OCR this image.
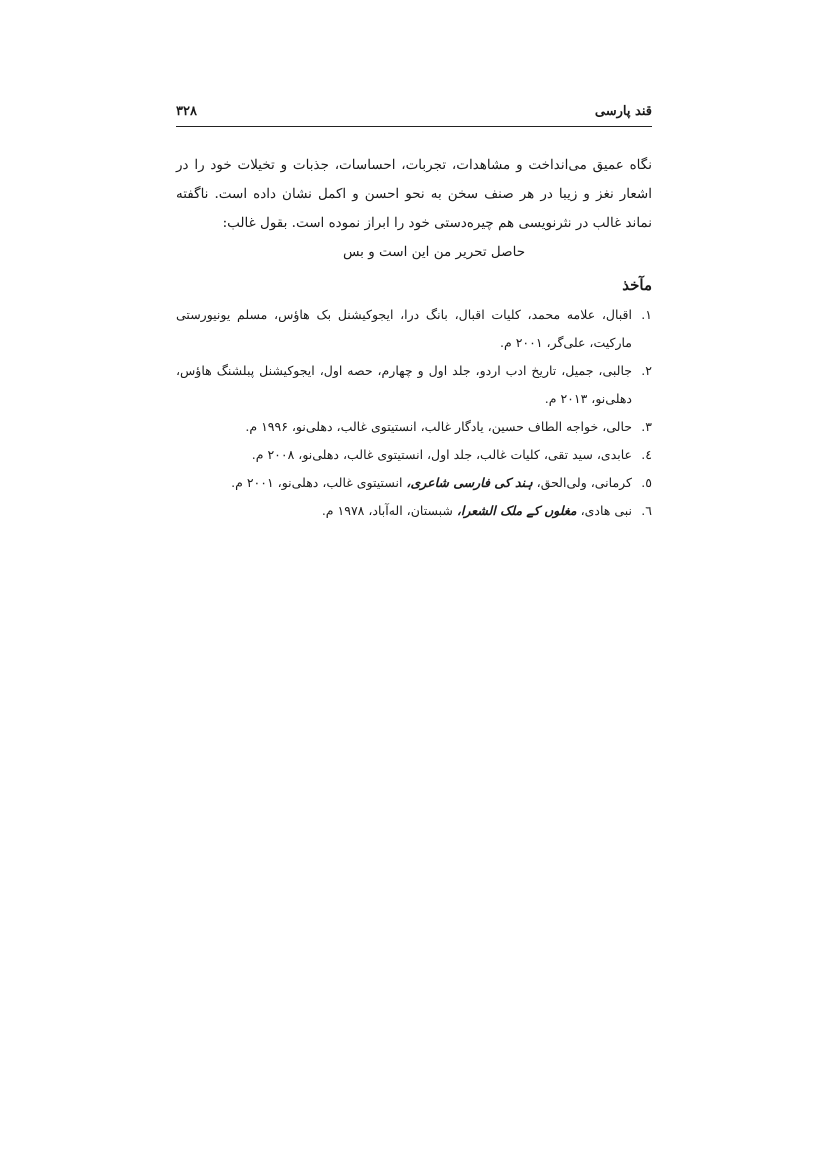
قند پارسی
۳۲۸

نگاه عمیق می‌انداخت و مشاهدات، تجربات، احساسات، جذبات و تخیلات خود را در اشعار نغز و زیبا در هر صنف سخن به نحو احسن و اکمل نشان داده است. ناگفته نماند غالب در نثرنویسی هم چیره‌دستی خود را ابراز نموده است. بقول غالب:

حاصل تحریر من این است و بس
مآخذ
۱.
اقبال، علامه محمد، کلیات اقبال، بانگ درا، ایجوکیشنل بک هاؤس، مسلم یونیورستی مارکیت، علی‌گر، ۲۰۰۱ م.
۲.
جالبی، جمیل، تاریخ ادب اردو، جلد اول و چهارم، حصه اول، ایجوکیشنل پبلشنگ هاؤس، دهلی‌نو، ۲۰۱۳ م.
۳.
حالی، خواجه الطاف حسین، یادگار غالب، انستیتوی غالب، دهلی‌نو، ۱۹۹۶ م.
٤.
عابدی، سید تقی، کلیات غالب، جلد اول، انستیتوی غالب، دهلی‌نو، ۲۰۰۸ م.
٥.
کرمانی، ولی‌الحق، ہند کی فارسی شاعری، انستیتوی غالب، دهلی‌نو، ۲۰۰۱ م.
٦.
نبی هادی، مغلوں کے ملک الشعرا، شبستان، اله‌آباد، ۱۹۷۸ م.
